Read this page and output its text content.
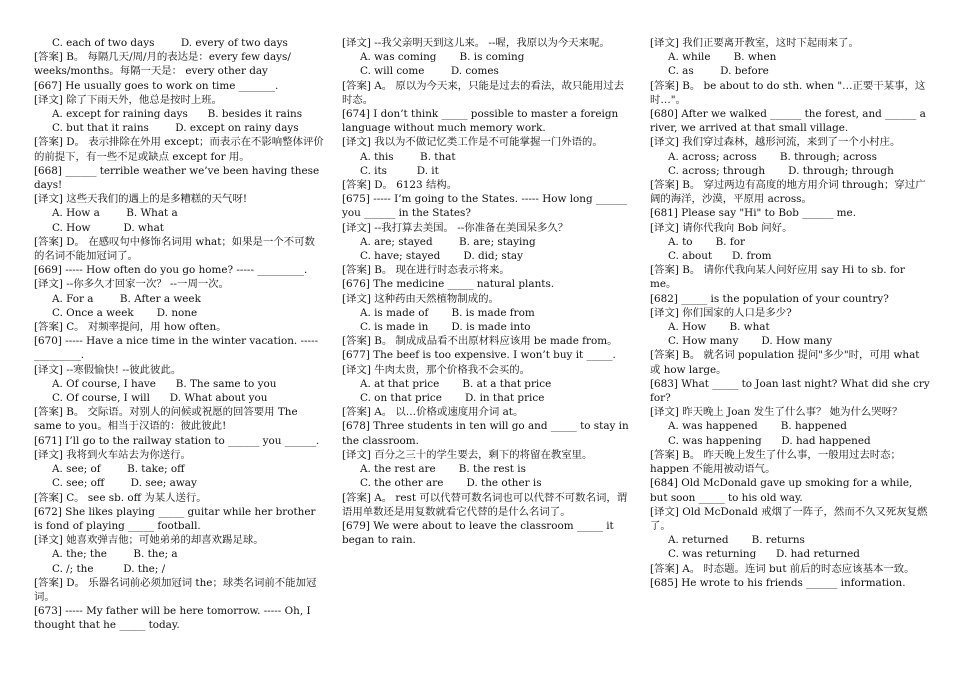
C. each of two days        D. every of two days

[答案] B。 每隔几天/周/月的表达是：every few days/ weeks/months。每隔一天是： every other day

[667] He usually goes to work on time _______.

[译文] 除了下雨天外，他总是按时上班。

A. except for raining days      B. besides it rains

C. but that it rains        D. except on rainy days

[答案] D。 表示排除在外用 except；而表示在不影响整体评价的前提下，有一些不足或缺点 except for 用。

[668] ______ terrible weather we’ve been having these days!

[译文] 这些天我们的遇上的是多糟糕的天气呀!

A. How a        B. What a

C. How          D. what

[答案] D。 在感叹句中修饰名词用 what；如果是一个不可数的名词不能加冠词了。

[669] ----- How often do you go home? ----- _________.

[译文] --你多久才回家一次？ --一周一次。

A. For a        B. After a week

C. Once a week       D. none

[答案] C。 对频率提问，用 how often。

[670] ----- Have a nice time in the winter vacation. ----- _________.

[译文] --寒假愉快! --彼此彼此。

A. Of course, I have      B. The same to you

C. Of course, I will      D. What about you

[答案] B。 交际语。对别人的问候或祝愿的回答要用 The same to you。相当于汉语的：彼此彼此!

[671] I’ll go to the railway station to ______ you ______.

[译文] 我将到火车站去为你送行。

A. see; of        B. take; off

C. see; off        D. see; away

[答案] C。 see sb. off 为某人送行。

[672] She likes playing _____ guitar while her brother is fond of playing _____ football.

[译文] 她喜欢弹吉他；可她弟弟的却喜欢踢足球。

A. the; the        B. the; a

C. /; the         D. the; /

[答案] D。 乐器名词前必须加冠词 the；球类名词前不能加冠词。

[673] ----- My father will be here tomorrow. ----- Oh, I thought that he _____ today.

[译文] --我父亲明天到这儿来。 --喔，我原以为今天来呢。

A. was coming       B. is coming

C. will come        D. comes

[答案] A。 原以为今天来，只能是过去的看法，故只能用过去时态。

[674] I don’t think _____ possible to master a foreign language without much memory work.

[译文] 我以为不做记忆类工作是不可能掌握一门外语的。

A. this        B. that

C. its         D. it

[答案] D。 6123 结构。

[675] ----- I’m going to the States. ----- How long ______ you ______ in the States?

[译文] --我打算去美国。 --你准备在美国呆多久？

A. are; stayed        B. are; staying

C. have; stayed       D. did; stay

[答案] B。 现在进行时态表示将来。

[676] The medicine _____ natural plants.

[译文] 这种药由天然植物制成的。

A. is made of       B. is made from

C. is made in       D. is made into

[答案] B。 制成成品看不出原材料应该用 be made from。

[677] The beef is too expensive. I won’t buy it _____.

[译文] 牛肉太贵，那个价格我不会买的。

A. at that price       B. at a that price

C. on that price       D. in that price

[答案] A。 以…价格或速度用介词 at。

[678] Three students in ten will go and _____ to stay in the classroom.

[译文] 百分之三十的学生要去，剩下的将留在教室里。

A. the rest are       B. the rest is

C. the other are       D. the other is

[答案] A。 rest 可以代替可数名词也可以代替不可数名词，谓语用单数还是用复数就看它代替的是什么名词了。

[679] We were about to leave the classroom _____ it began to rain.

[译文] 我们正要离开教室，这时下起雨来了。

A. while       B. when

C. as        D. before

[答案] B。 be about to do sth. when "…正要干某事，这时…"。

[680] After we walked ______ the forest, and ______ a river, we arrived at that small village.

[译文] 我们穿过森林，越形河流，来到了一个小村庄。

A. across; across       B. through; across

C. across; through       D. through; through

[答案] B。 穿过两边有高度的地方用介词 through；穿过广阔的海洋，沙漠，平原用 across。

[681] Please say "Hi" to Bob ______ me.

[译文] 请你代我向 Bob 问好。

A. to       B. for

C. about      D. from

[答案] B。 请你代我向某人问好应用 say Hi to sb. for me。

[682] _____ is the population of your country?

[译文] 你们国家的人口是多少?

A. How       B. what

C. How many       D. How many

[答案] B。 就名词 population 提问"多少"时，可用 what 或 how large。

[683] What _____ to Joan last night? What did she cry for?

[译文] 昨天晚上 Joan 发生了什么事？ 她为什么哭呀？

A. was happened       B. happened

C. was happening      D. had happened

[答案] B。 昨天晚上发生了什么事，一般用过去时态；happen 不能用被动语气。

[684] Old McDonald gave up smoking for a while, but soon _____ to his old way.

[译文] Old McDonald 戒烟了一阵子，然而不久又死灰复燃了。

A. returned       B. returns

C. was returning      D. had returned

[答案] A。 时态题。连词 but 前后的时态应该基本一致。

[685] He wrote to his friends ______ information.
